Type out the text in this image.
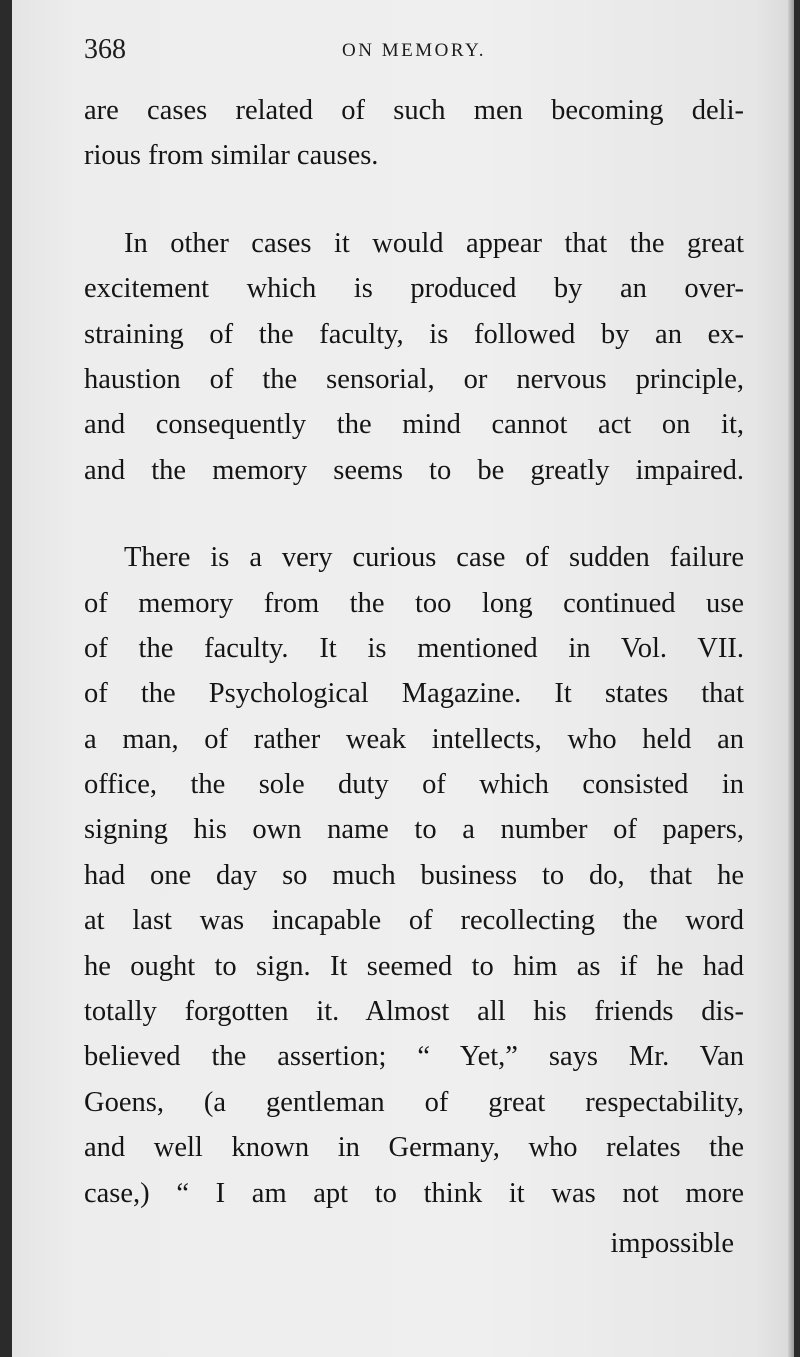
368	ON MEMORY.
are cases related of such men becoming deli-
rious from similar causes.
In other cases it would appear that the great
excitement which is produced by an over-
straining of the faculty, is followed by an ex-
haustion of the sensorial, or nervous principle,
and consequently the mind cannot act on it,
and the memory seems to be greatly impaired.
There is a very curious case of sudden failure
of memory from the too long continued use
of the faculty. It is mentioned in Vol. VII.
of the Psychological Magazine. It states that
a man, of rather weak intellects, who held an
office, the sole duty of which consisted in
signing his own name to a number of papers,
had one day so much business to do, that he
at last was incapable of recollecting the word
he ought to sign. It seemed to him as if he had
totally forgotten it. Almost all his friends dis-
believed the assertion; “ Yet,” says Mr. Van
Goens, (a gentleman of great respectability,
and well known in Germany, who relates the
case,) “ I am apt to think it was not more
impossible
